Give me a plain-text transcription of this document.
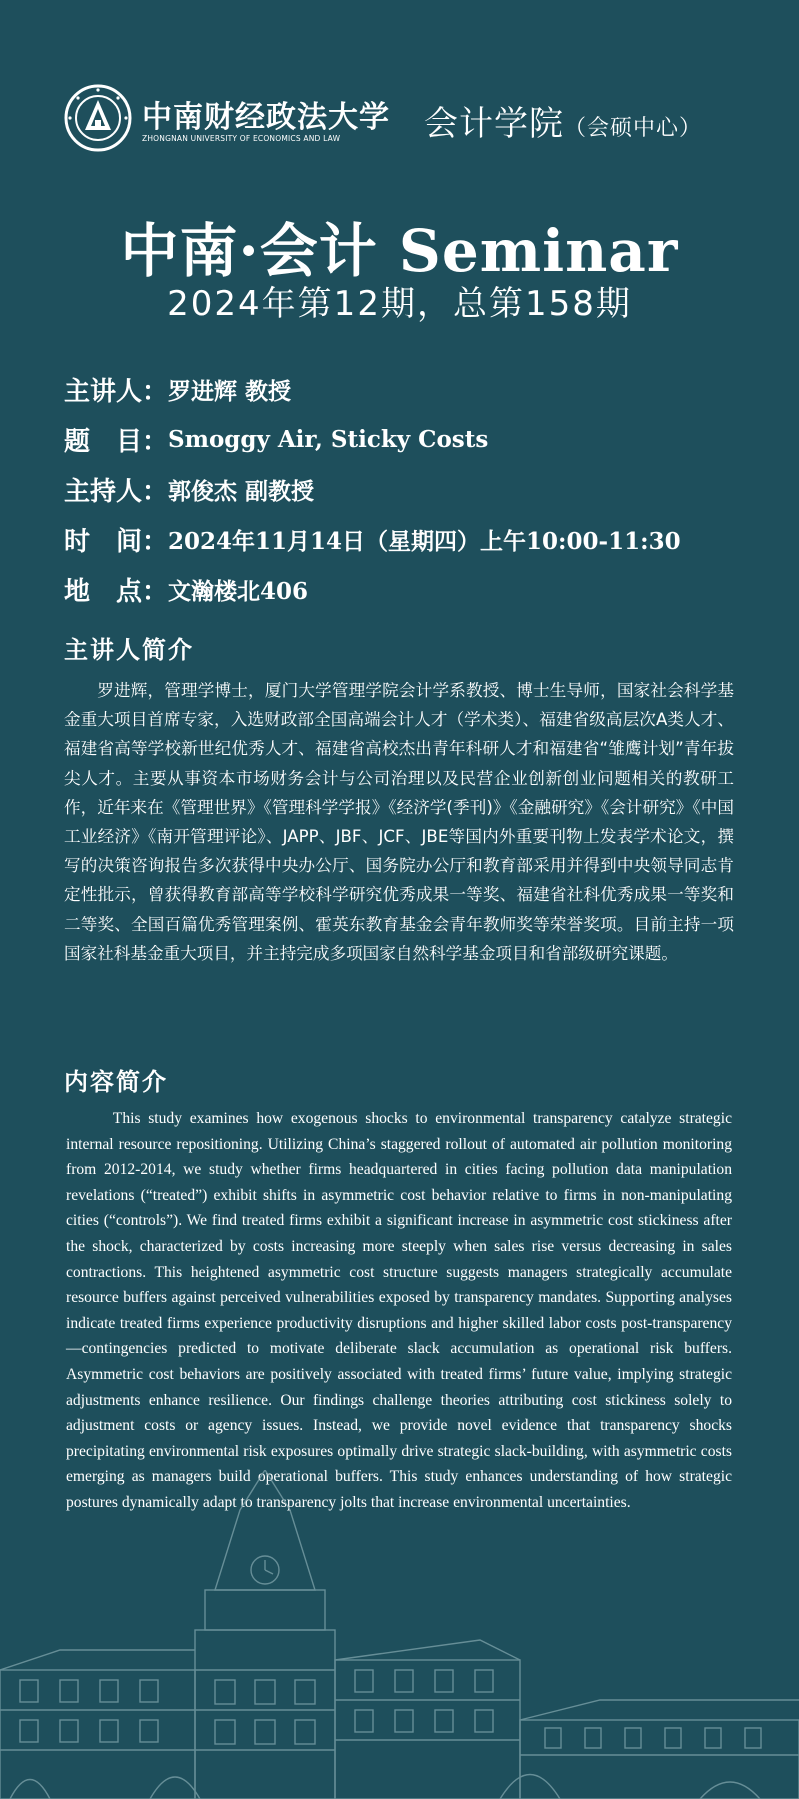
中南财经政法大学
ZHONGNAN UNIVERSITY OF ECONOMICS AND LAW 会计学院（会硕中心）
中南·会计 Seminar
2024年第12期，总第158期
主讲人： 罗进辉 教授
题　目： Smoggy Air, Sticky Costs
主持人： 郭俊杰 副教授
时　间： 2024年11月14日（星期四）上午10:00-11:30
地　点： 文瀚楼北406
主讲人简介
罗进辉，管理学博士，厦门大学管理学院会计学系教授、博士生导师，国家社会科学基金重大项目首席专家，入选财政部全国高端会计人才（学术类）、福建省级高层次A类人才、福建省高等学校新世纪优秀人才、福建省高校杰出青年科研人才和福建省“雏鹰计划”青年拔尖人才。主要从事资本市场财务会计与公司治理以及民营企业创新创业问题相关的教研工作，近年来在《管理世界》《管理科学学报》《经济学(季刊)》《金融研究》《会计研究》《中国工业经济》《南开管理评论》、JAPP、JBF、JCF、JBE等国内外重要刊物上发表学术论文，撰写的决策咨询报告多次获得中央办公厅、国务院办公厅和教育部采用并得到中央领导同志肯定性批示，曾获得教育部高等学校科学研究优秀成果一等奖、福建省社科优秀成果一等奖和二等奖、全国百篇优秀管理案例、霍英东教育基金会青年教师奖等荣誉奖项。目前主持一项国家社科基金重大项目，并主持完成多项国家自然科学基金项目和省部级研究课题。
内容简介
This study examines how exogenous shocks to environmental transparency catalyze strategic internal resource repositioning. Utilizing China’s staggered rollout of automated air pollution monitoring from 2012-2014, we study whether firms headquartered in cities facing pollution data manipulation revelations (“treated”) exhibit shifts in asymmetric cost behavior relative to firms in non-manipulating cities (“controls”). We find treated firms exhibit a significant increase in asymmetric cost stickiness after the shock, characterized by costs increasing more steeply when sales rise versus decreasing in sales contractions. This heightened asymmetric cost structure suggests managers strategically accumulate resource buffers against perceived vulnerabilities exposed by transparency mandates. Supporting analyses indicate treated firms experience productivity disruptions and higher skilled labor costs post-transparency—contingencies predicted to motivate deliberate slack accumulation as operational risk buffers. Asymmetric cost behaviors are positively associated with treated firms’ future value, implying strategic adjustments enhance resilience. Our findings challenge theories attributing cost stickiness solely to adjustment costs or agency issues. Instead, we provide novel evidence that transparency shocks precipitating environmental risk exposures optimally drive strategic slack-building, with asymmetric costs emerging as managers build operational buffers. This study enhances understanding of how strategic postures dynamically adapt to transparency jolts that increase environmental uncertainties.
